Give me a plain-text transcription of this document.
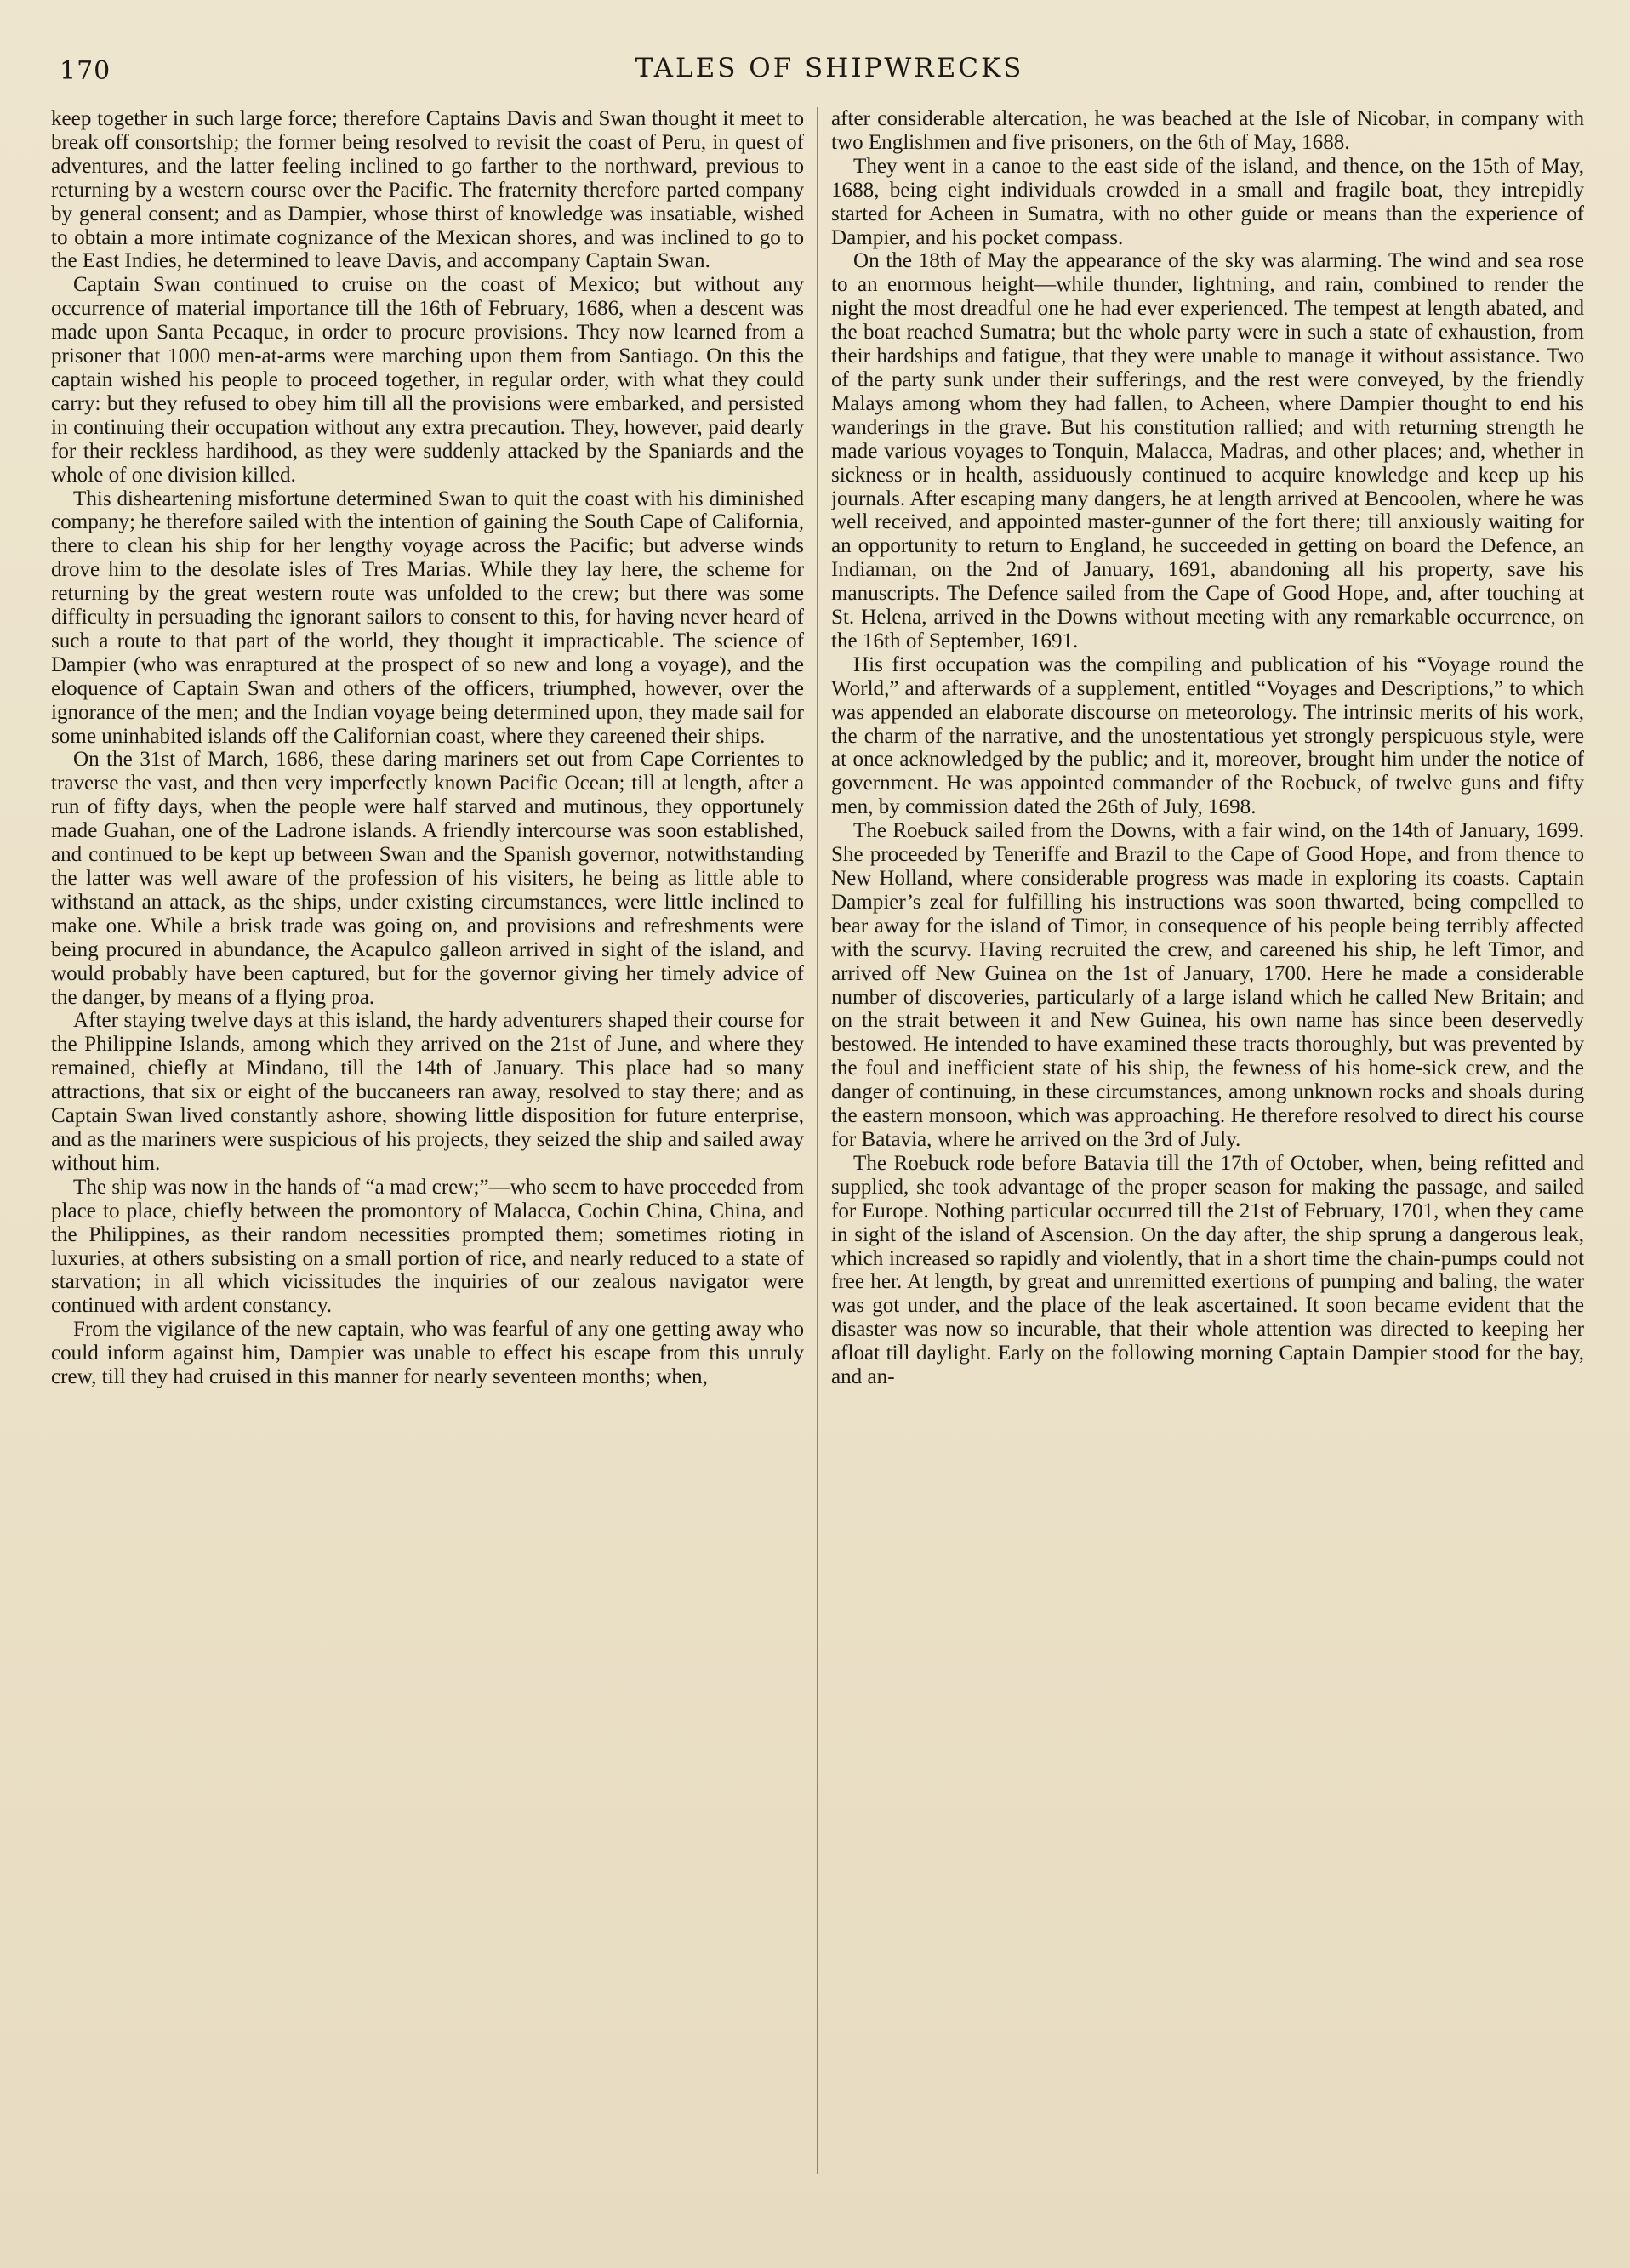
170	TALES OF SHIPWRECKS

keep together in such large force; therefore Captains Davis and Swan thought it meet to break off consortship; the former being resolved to revisit the coast of Peru, in quest of adventures, and the latter feeling inclined to go farther to the northward, previous to returning by a western course over the Pacific. The fraternity therefore parted company by general consent; and as Dampier, whose thirst of knowledge was insatiable, wished to obtain a more intimate cognizance of the Mexican shores, and was inclined to go to the East Indies, he determined to leave Davis, and accompany Captain Swan.

Captain Swan continued to cruise on the coast of Mexico; but without any occurrence of material importance till the 16th of February, 1686, when a descent was made upon Santa Pecaque, in order to procure provisions. They now learned from a prisoner that 1000 men-at-arms were marching upon them from Santiago. On this the captain wished his people to proceed together, in regular order, with what they could carry: but they refused to obey him till all the provisions were embarked, and persisted in continuing their occupation without any extra precaution. They, however, paid dearly for their reckless hardihood, as they were suddenly attacked by the Spaniards and the whole of one division killed.

This disheartening misfortune determined Swan to quit the coast with his diminished company; he therefore sailed with the intention of gaining the South Cape of California, there to clean his ship for her lengthy voyage across the Pacific; but adverse winds drove him to the desolate isles of Tres Marias. While they lay here, the scheme for returning by the great western route was unfolded to the crew; but there was some difficulty in persuading the ignorant sailors to consent to this, for having never heard of such a route to that part of the world, they thought it impracticable. The science of Dampier (who was enraptured at the prospect of so new and long a voyage), and the eloquence of Captain Swan and others of the officers, triumphed, however, over the ignorance of the men; and the Indian voyage being determined upon, they made sail for some uninhabited islands off the Californian coast, where they careened their ships.

On the 31st of March, 1686, these daring mariners set out from Cape Corrientes to traverse the vast, and then very imperfectly known Pacific Ocean; till at length, after a run of fifty days, when the people were half starved and mutinous, they opportunely made Guahan, one of the Ladrone islands. A friendly intercourse was soon established, and continued to be kept up between Swan and the Spanish governor, notwithstanding the latter was well aware of the profession of his visiters, he being as little able to withstand an attack, as the ships, under existing circumstances, were little inclined to make one. While a brisk trade was going on, and provisions and refreshments were being procured in abundance, the Acapulco galleon arrived in sight of the island, and would probably have been captured, but for the governor giving her timely advice of the danger, by means of a flying proa.

After staying twelve days at this island, the hardy adventurers shaped their course for the Philippine Islands, among which they arrived on the 21st of June, and where they remained, chiefly at Mindano, till the 14th of January. This place had so many attractions, that six or eight of the buccaneers ran away, resolved to stay there; and as Captain Swan lived constantly ashore, showing little disposition for future enterprise, and as the mariners were suspicious of his projects, they seized the ship and sailed away without him.

The ship was now in the hands of “a mad crew;”—who seem to have proceeded from place to place, chiefly between the promontory of Malacca, Cochin China, China, and the Philippines, as their random necessities prompted them; sometimes rioting in luxuries, at others subsisting on a small portion of rice, and nearly reduced to a state of starvation; in all which vicissitudes the inquiries of our zealous navigator were continued with ardent constancy.

From the vigilance of the new captain, who was fearful of any one getting away who could inform against him, Dampier was unable to effect his escape from this unruly crew, till they had cruised in this manner for nearly seventeen months; when,

after considerable altercation, he was beached at the Isle of Nicobar, in company with two Englishmen and five prisoners, on the 6th of May, 1688.

They went in a canoe to the east side of the island, and thence, on the 15th of May, 1688, being eight individuals crowded in a small and fragile boat, they intrepidly started for Acheen in Sumatra, with no other guide or means than the experience of Dampier, and his pocket compass.

On the 18th of May the appearance of the sky was alarming. The wind and sea rose to an enormous height—while thunder, lightning, and rain, combined to render the night the most dreadful one he had ever experienced. The tempest at length abated, and the boat reached Sumatra; but the whole party were in such a state of exhaustion, from their hardships and fatigue, that they were unable to manage it without assistance. Two of the party sunk under their sufferings, and the rest were conveyed, by the friendly Malays among whom they had fallen, to Acheen, where Dampier thought to end his wanderings in the grave. But his constitution rallied; and with returning strength he made various voyages to Tonquin, Malacca, Madras, and other places; and, whether in sickness or in health, assiduously continued to acquire knowledge and keep up his journals. After escaping many dangers, he at length arrived at Bencoolen, where he was well received, and appointed master-gunner of the fort there; till anxiously waiting for an opportunity to return to England, he succeeded in getting on board the Defence, an Indiaman, on the 2nd of January, 1691, abandoning all his property, save his manuscripts. The Defence sailed from the Cape of Good Hope, and, after touching at St. Helena, arrived in the Downs without meeting with any remarkable occurrence, on the 16th of September, 1691.

His first occupation was the compiling and publication of his “Voyage round the World,” and afterwards of a supplement, entitled “Voyages and Descriptions,” to which was appended an elaborate discourse on meteorology. The intrinsic merits of his work, the charm of the narrative, and the unostentatious yet strongly perspicuous style, were at once acknowledged by the public; and it, moreover, brought him under the notice of government. He was appointed commander of the Roebuck, of twelve guns and fifty men, by commission dated the 26th of July, 1698.

The Roebuck sailed from the Downs, with a fair wind, on the 14th of January, 1699. She proceeded by Teneriffe and Brazil to the Cape of Good Hope, and from thence to New Holland, where considerable progress was made in exploring its coasts. Captain Dampier’s zeal for fulfilling his instructions was soon thwarted, being compelled to bear away for the island of Timor, in consequence of his people being terribly affected with the scurvy. Having recruited the crew, and careened his ship, he left Timor, and arrived off New Guinea on the 1st of January, 1700. Here he made a considerable number of discoveries, particularly of a large island which he called New Britain; and on the strait between it and New Guinea, his own name has since been deservedly bestowed. He intended to have examined these tracts thoroughly, but was prevented by the foul and inefficient state of his ship, the fewness of his home-sick crew, and the danger of continuing, in these circumstances, among unknown rocks and shoals during the eastern monsoon, which was approaching. He therefore resolved to direct his course for Batavia, where he arrived on the 3rd of July.

The Roebuck rode before Batavia till the 17th of October, when, being refitted and supplied, she took advantage of the proper season for making the passage, and sailed for Europe. Nothing particular occurred till the 21st of February, 1701, when they came in sight of the island of Ascension. On the day after, the ship sprung a dangerous leak, which increased so rapidly and violently, that in a short time the chain-pumps could not free her. At length, by great and unremitted exertions of pumping and baling, the water was got under, and the place of the leak ascertained. It soon became evident that the disaster was now so incurable, that their whole attention was directed to keeping her afloat till daylight. Early on the following morning Captain Dampier stood for the bay, and an-
